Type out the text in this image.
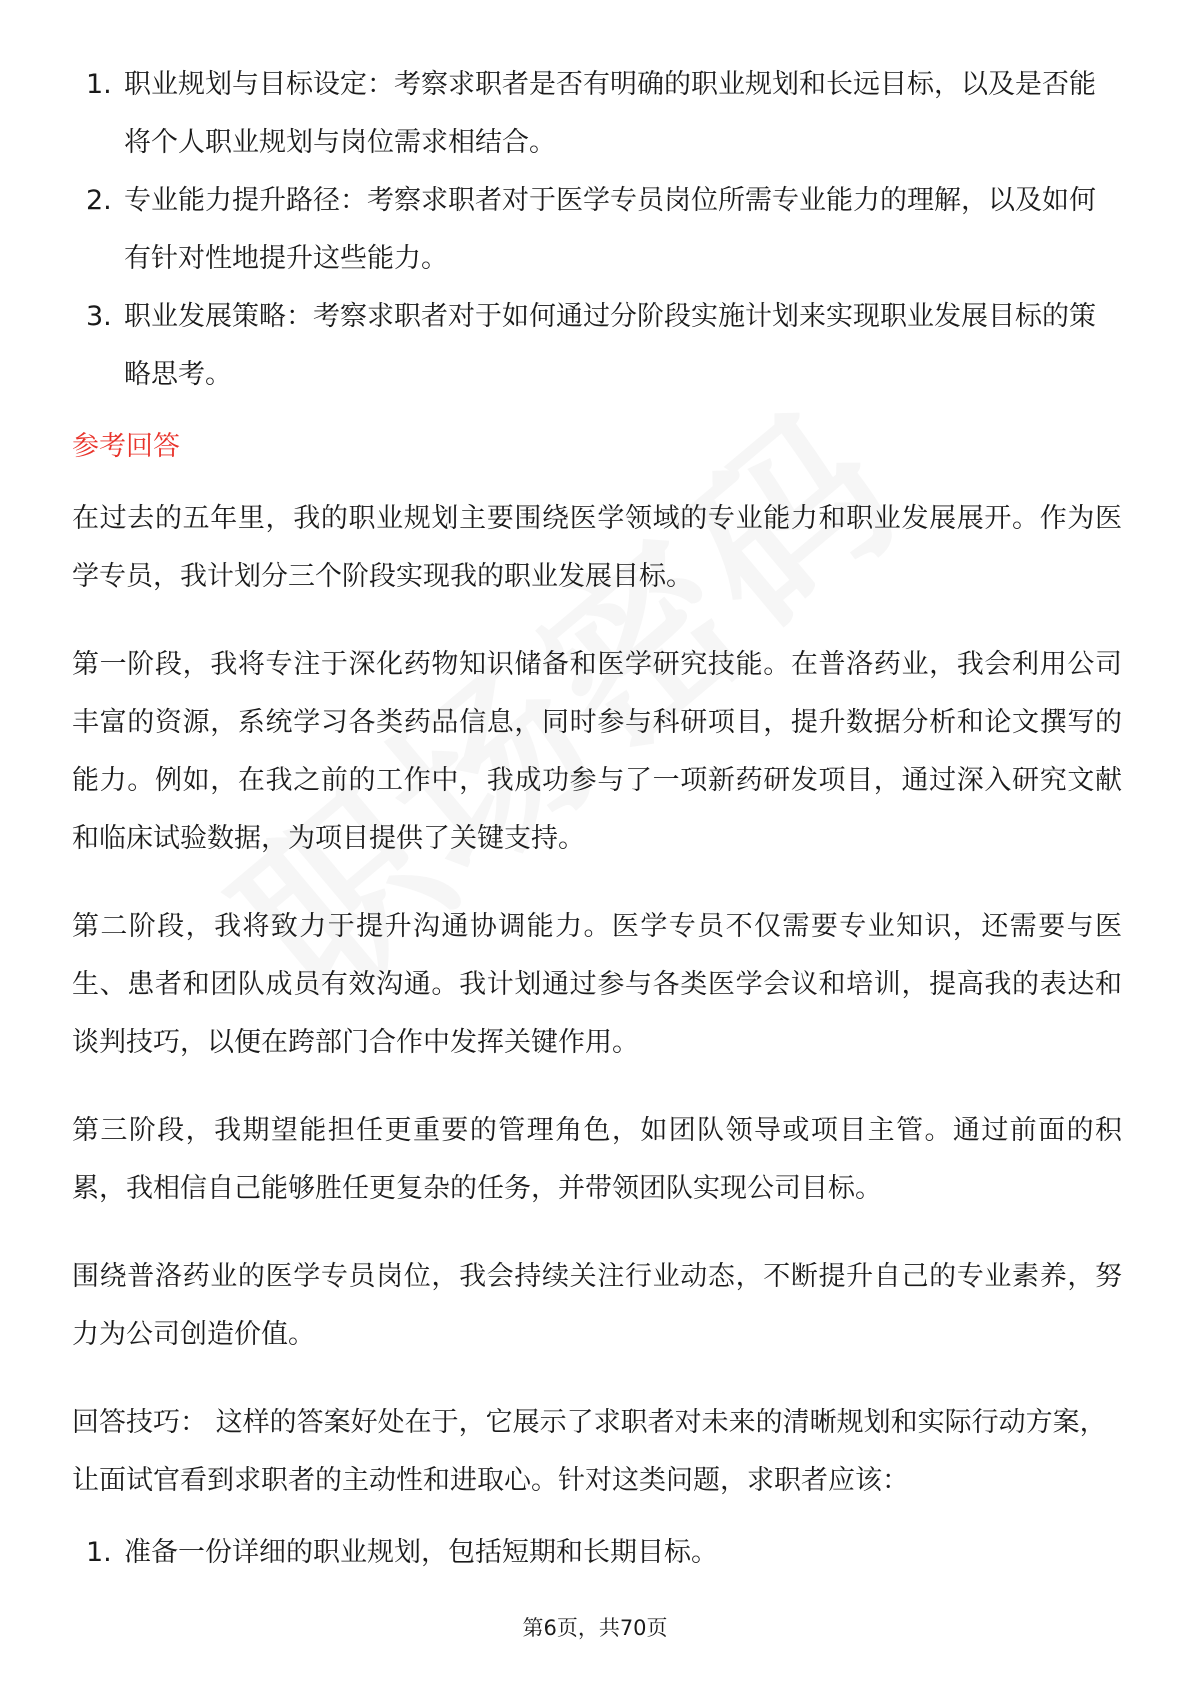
1. 职业规划与目标设定：考察求职者是否有明确的职业规划和长远目标，以及是否能将个人职业规划与岗位需求相结合。
2. 专业能力提升路径：考察求职者对于医学专员岗位所需专业能力的理解，以及如何有针对性地提升这些能力。
3. 职业发展策略：考察求职者对于如何通过分阶段实施计划来实现职业发展目标的策略思考。
参考回答

在过去的五年里，我的职业规划主要围绕医学领域的专业能力和职业发展展开。作为医学专员，我计划分三个阶段实现我的职业发展目标。

第一阶段，我将专注于深化药物知识储备和医学研究技能。在普洛药业，我会利用公司丰富的资源，系统学习各类药品信息，同时参与科研项目，提升数据分析和论文撰写的能力。例如，在我之前的工作中，我成功参与了一项新药研发项目，通过深入研究文献和临床试验数据，为项目提供了关键支持。

第二阶段，我将致力于提升沟通协调能力。医学专员不仅需要专业知识，还需要与医生、患者和团队成员有效沟通。我计划通过参与各类医学会议和培训，提高我的表达和谈判技巧，以便在跨部门合作中发挥关键作用。

第三阶段，我期望能担任更重要的管理角色，如团队领导或项目主管。通过前面的积累，我相信自己能够胜任更复杂的任务，并带领团队实现公司目标。

围绕普洛药业的医学专员岗位，我会持续关注行业动态，不断提升自己的专业素养，努力为公司创造价值。

回答技巧： 这样的答案好处在于，它展示了求职者对未来的清晰规划和实际行动方案，让面试官看到求职者的主动性和进取心。针对这类问题，求职者应该：

1. 准备一份详细的职业规划，包括短期和长期目标。
第6页，共70页
